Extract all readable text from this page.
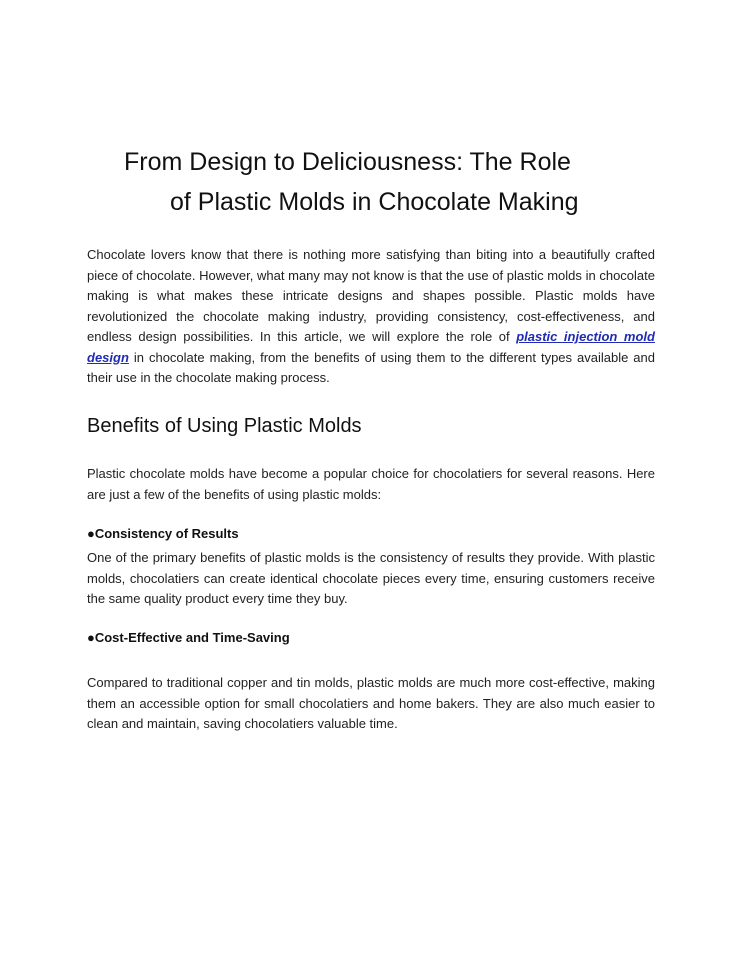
From Design to Deliciousness: The Role
of Plastic Molds in Chocolate Making

Chocolate lovers know that there is nothing more satisfying than biting into a beautifully crafted piece of chocolate. However, what many may not know is that the use of plastic molds in chocolate making is what makes these intricate designs and shapes possible. Plastic molds have revolutionized the chocolate making industry, providing consistency, cost-effectiveness, and endless design possibilities. In this article, we will explore the role of plastic injection mold design in chocolate making, from the benefits of using them to the different types available and their use in the chocolate making process.

Benefits of Using Plastic Molds

Plastic chocolate molds have become a popular choice for chocolatiers for several reasons. Here are just a few of the benefits of using plastic molds:

●Consistency of Results

One of the primary benefits of plastic molds is the consistency of results they provide. With plastic molds, chocolatiers can create identical chocolate pieces every time, ensuring customers receive the same quality product every time they buy.

●Cost-Effective and Time-Saving

Compared to traditional copper and tin molds, plastic molds are much more cost-effective, making them an accessible option for small chocolatiers and home bakers. They are also much easier to clean and maintain, saving chocolatiers valuable time.
